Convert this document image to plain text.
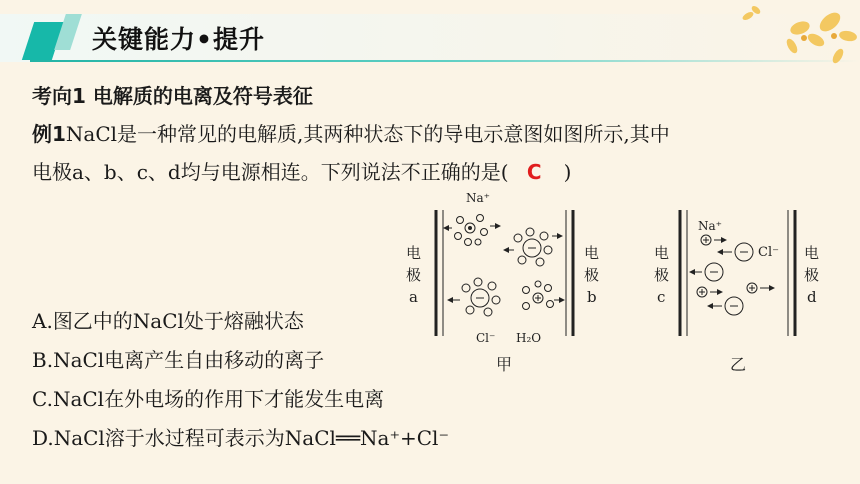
关键能力•提升
考向1 电解质的电离及符号表征
例1NaCl是一种常见的电解质,其两种状态下的导电示意图如图所示,其中
电极a、b、c、d均与电源相连。下列说法不正确的是( C )
A.图乙中的NaCl处于熔融状态
B.NaCl电离产生自由移动的离子
C.NaCl在外电场的作用下才能发生电离
D.NaCl溶于水过程可表示为NaCl══Na⁺+Cl⁻
电
极
a
电
极
b
Na⁺
Cl⁻ H₂O
甲
电
极
c
电
极
d
Na⁺
Cl⁻
乙
